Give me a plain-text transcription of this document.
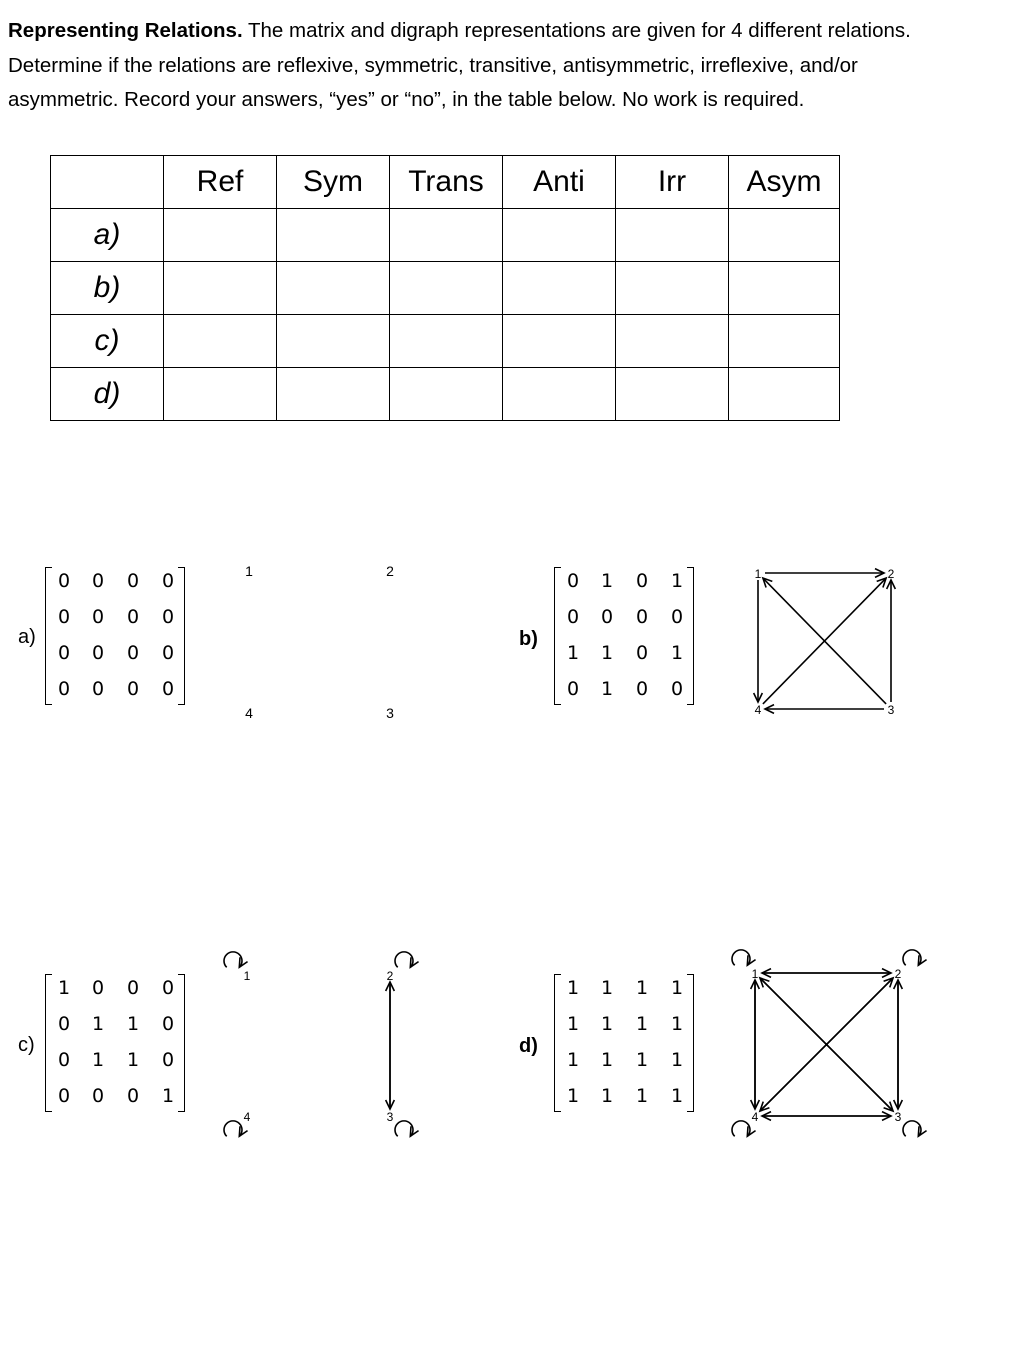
Representing Relations. The matrix and digraph representations are given for 4 different relations.
Determine if the relations are reflexive, symmetric, transitive, antisymmetric, irreflexive, and/or
asymmetric. Record your answers, “yes” or “no”, in the table below. No work is required.
	Ref	Sym	Trans	Anti	Irr	Asym
a)						
b)						
c)						
d)						
a)
0	0	0	0
0	0	0	0
0	0	0	0
0	0	0	0
1	2
3
4
b)
0	1	0	1
0	0	0	0
1	1	0	1
0	1	0	0
1	2
3
4
c)
1	0	0	0
0	1	1	0
0	1	1	0
0	0	0	1
1	2
3
4
d)
1	1	1	1
1	1	1	1
1	1	1	1
1	1	1	1
1	2
3
4
